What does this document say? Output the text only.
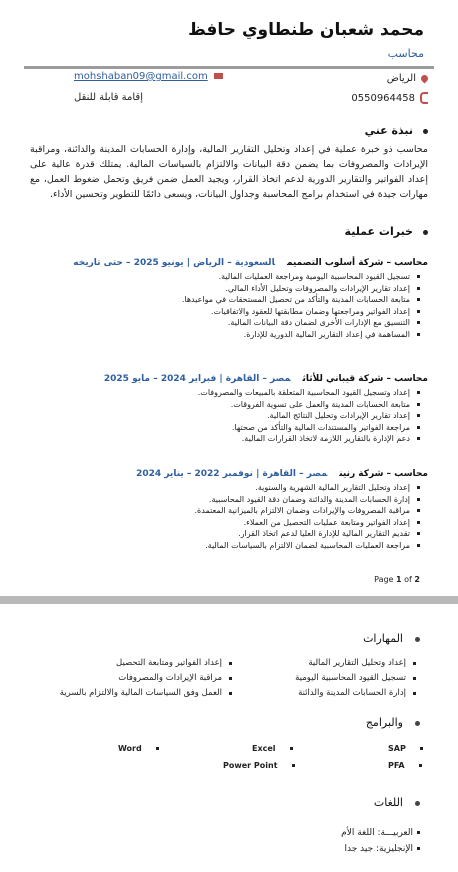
محمد شعبان طنطاوي حافظ
محاسب
الرياض
mohshaban09@gmail.com
0550964458
إقامة قابلة للنقل
نبذة عني
محاسب ذو خبرة عملية في إعداد وتحليل التقارير المالية، وإدارة الحسابات المدينة والدائنة، ومراقبة الإيرادات والمصروفات بما يضمن دقة البيانات والالتزام بالسياسات المالية. يمتلك قدرة عالية على إعداد الفواتير والتقارير الدورية لدعم اتخاذ القرار، ويجيد العمل ضمن فريق وتحمل ضغوط العمل، مع مهارات جيدة في استخدام برامج المحاسبة وجداول البيانات، ويسعى دائمًا للتطوير وتحسين الأداء.
خبرات عملية
محاسب – شركة أسلوب التصميمالسعودية – الرياض | يونيو 2025 – حتى تاريخه
تسجيل القيود المحاسبية اليومية ومراجعة العمليات المالية.
إعداد تقارير الإيرادات والمصروفات وتحليل الأداء المالي.
متابعة الحسابات المدينة والتأكد من تحصيل المستحقات في مواعيدها.
إعداد الفواتير ومراجعتها وضمان مطابقتها للعقود والاتفاقيات.
التنسيق مع الإدارات الأخرى لضمان دقة البيانات المالية.
المساهمة في إعداد التقارير المالية الدورية للإدارة.
محاسب – شركة قيباني للأثاثمصر – القاهرة | فبراير 2024 – مايو 2025
إعداد وتسجيل القيود المحاسبية المتعلقة بالمبيعات والمصروفات.
متابعة الحسابات المدينة والعمل على تسوية الفروقات.
إعداد تقارير الإيرادات وتحليل النتائج المالية.
مراجعة الفواتير والمستندات المالية والتأكد من صحتها.
دعم الإدارة بالتقارير اللازمة لاتخاذ القرارات المالية.
محاسب – شركة رنينمصر – القاهرة | نوفمبر 2022 – يناير 2024
إعداد وتحليل التقارير المالية الشهرية والسنوية.
إدارة الحسابات المدينة والدائنة وضمان دقة القيود المحاسبية.
مراقبة المصروفات والإيرادات وضمان الالتزام بالميزانية المعتمدة.
إعداد الفواتير ومتابعة عمليات التحصيل من العملاء.
تقديم التقارير المالية للإدارة العليا لدعم اتخاذ القرار.
مراجعة العمليات المحاسبية لضمان الالتزام بالسياسات المالية.
Page 1 of 2
المهارات
إعداد وتحليل التقارير المالية
تسجيل القيود المحاسبية اليومية
إدارة الحسابات المدينة والدائنة
إعداد الفواتير ومتابعة التحصيل
مراقبة الإيرادات والمصروفات
العمل وفق السياسات المالية والالتزام بالسرية
والبرامج
SAP
Excel
Word
PFA
Power Point
اللغات
العربيـــة: اللغة الأم
الإنجليزية: جيد جدا
